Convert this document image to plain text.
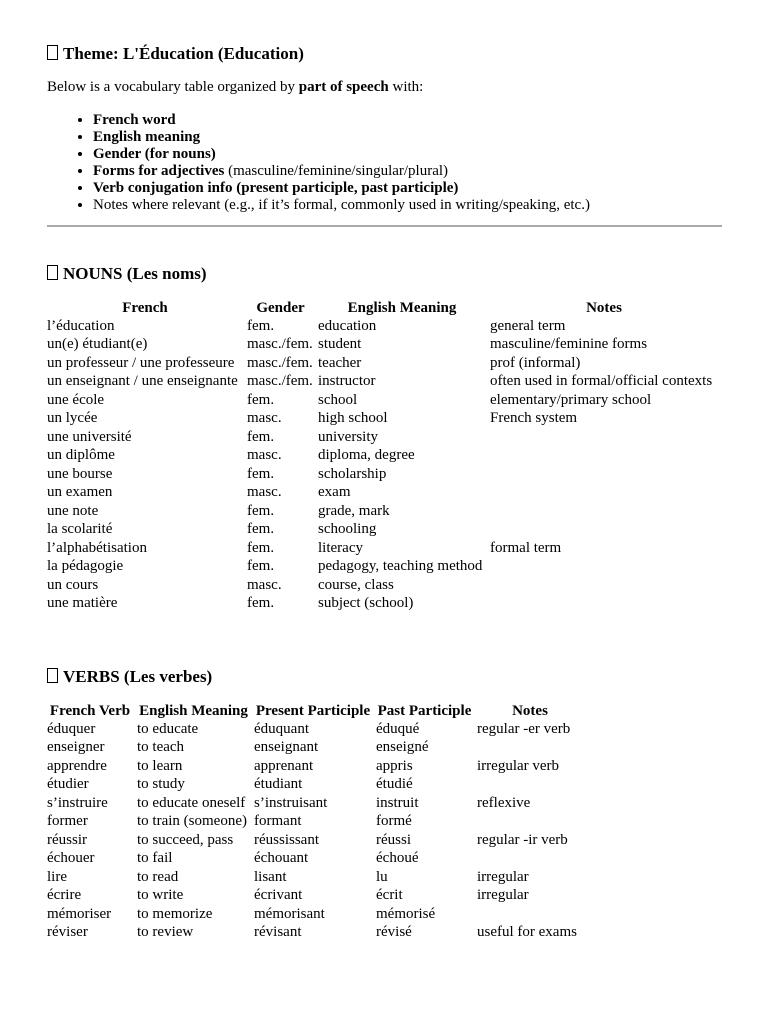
Theme: L'Éducation (Education)
Below is a vocabulary table organized by part of speech with:
• French word
• English meaning
• Gender (for nouns)
• Forms for adjectives (masculine/feminine/singular/plural)
• Verb conjugation info (present participle, past participle)
• Notes where relevant (e.g., if it’s formal, commonly used in writing/speaking, etc.)
NOUNS (Les noms)
French	Gender	English Meaning	Notes
l’éducation	fem.	education	general term
un(e) étudiant(e)	masc./fem.	student	masculine/feminine forms
un professeur / une professeure	masc./fem.	teacher	prof (informal)
un enseignant / une enseignante	masc./fem.	instructor	often used in formal/official contexts
une école	fem.	school	elementary/primary school
un lycée	masc.	high school	French system
une université	fem.	university	
un diplôme	masc.	diploma, degree	
une bourse	fem.	scholarship	
un examen	masc.	exam	
une note	fem.	grade, mark	
la scolarité	fem.	schooling	
l’alphabétisation	fem.	literacy	formal term
la pédagogie	fem.	pedagogy, teaching method	
un cours	masc.	course, class	
une matière	fem.	subject (school)	
VERBS (Les verbes)
French Verb	English Meaning	Present Participle	Past Participle	Notes
éduquer	to educate	éduquant	éduqué	regular -er verb
enseigner	to teach	enseignant	enseigné	
apprendre	to learn	apprenant	appris	irregular verb
étudier	to study	étudiant	étudié	
s’instruire	to educate oneself	s’instruisant	instruit	reflexive
former	to train (someone)	formant	formé	
réussir	to succeed, pass	réussissant	réussi	regular -ir verb
échouer	to fail	échouant	échoué	
lire	to read	lisant	lu	irregular
écrire	to write	écrivant	écrit	irregular
mémoriser	to memorize	mémorisant	mémorisé	
réviser	to review	révisant	révisé	useful for exams
